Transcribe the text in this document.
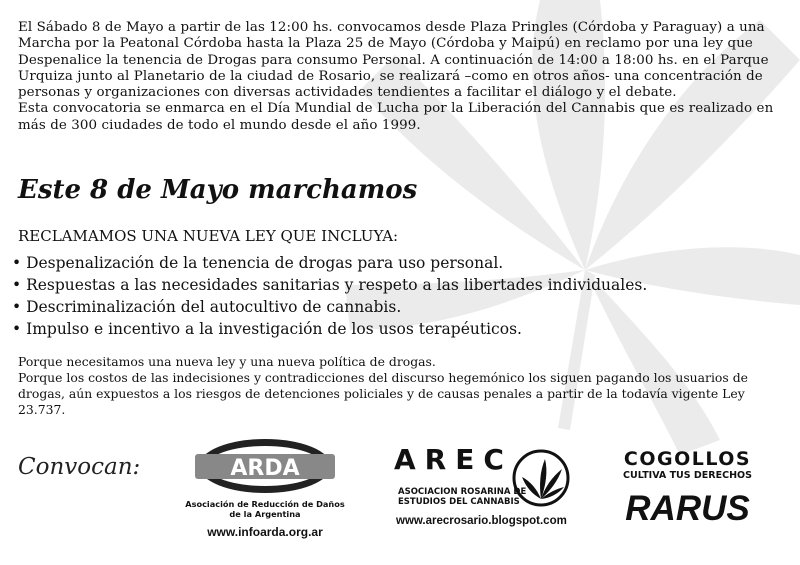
El Sábado 8 de Mayo a partir de las 12:00 hs. convocamos desde Plaza Pringles (Córdoba y Paraguay) a una Marcha por la Peatonal Córdoba hasta la Plaza 25 de Mayo (Córdoba y Maipú) en reclamo por una ley que Despenalice la tenencia de Drogas para consumo Personal. A continuación de 14:00 a 18:00 hs. en el Parque Urquiza junto al Planetario de la ciudad de Rosario, se realizará –como en otros años- una concentración de personas y organizaciones con diversas actividades tendientes a facilitar el diálogo y el debate.

Esta convocatoria se enmarca en el Día Mundial de Lucha por la Liberación del Cannabis que es realizado en más de 300 ciudades de todo el mundo desde el año 1999.

Este 8 de Mayo marchamos
RECLAMAMOS UNA NUEVA LEY QUE INCLUYA:
• Despenalización de la tenencia de drogas para uso personal.
• Respuestas a las necesidades sanitarias y respeto a las libertades individuales.
• Descriminalización del autocultivo de cannabis.
• Impulso e incentivo a la investigación de los usos terapéuticos.

Porque necesitamos una nueva ley y una nueva política de drogas.

Porque los costos de las indecisiones y contradicciones del discurso hegemónico los siguen pagando los usuarios de drogas, aún expuestos a los riesgos de detenciones policiales y de causas penales a partir de la todavía vigente Ley 23.737.

Convocan:	ARDA
Asociación de Reducción de Daños
de la Argentina
www.infoarda.org.ar
AREC
ASOCIACION ROSARINA DE
ESTUDIOS DEL CANNABIS
www.arecrosario.blogspot.com
COGOLLOS
CULTIVA TUS DERECHOS
RARUS
